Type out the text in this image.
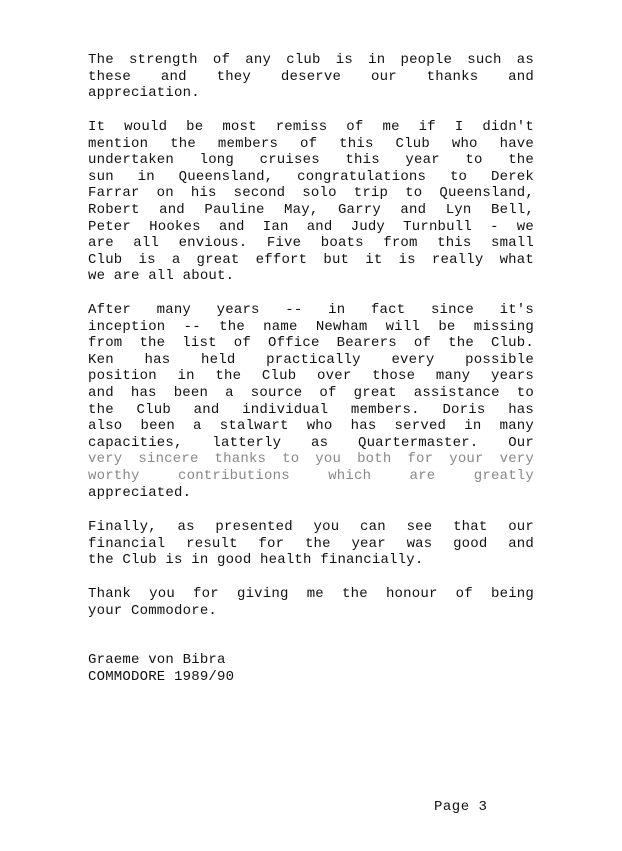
The strength of any club is in people such as
these and they deserve our thanks and
appreciation.
It would be most remiss of me if I didn't
mention the members of this Club who have
undertaken long cruises this year to the
sun in Queensland, congratulations to Derek
Farrar on his second solo trip to Queensland,
Robert and Pauline May, Garry and Lyn Bell,
Peter Hookes and Ian and Judy Turnbull - we
are all envious. Five boats from this small
Club is a great effort but it is really what
we are all about.
After many years -- in fact since it's
inception -- the name Newham will be missing
from the list of Office Bearers of the Club.
Ken has held practically every possible
position in the Club over those many years
and has been a source of great assistance to
the Club and individual members. Doris has
also been a stalwart who has served in many
capacities, latterly as Quartermaster. Our
very sincere thanks to you both for your very
worthy contributions which are greatly
appreciated.
Finally, as presented you can see that our
financial result for the year was good and
the Club is in good health financially.
Thank you for giving me the honour of being
your Commodore.
Graeme von Bibra
COMMODORE 1989/90
Page 3
